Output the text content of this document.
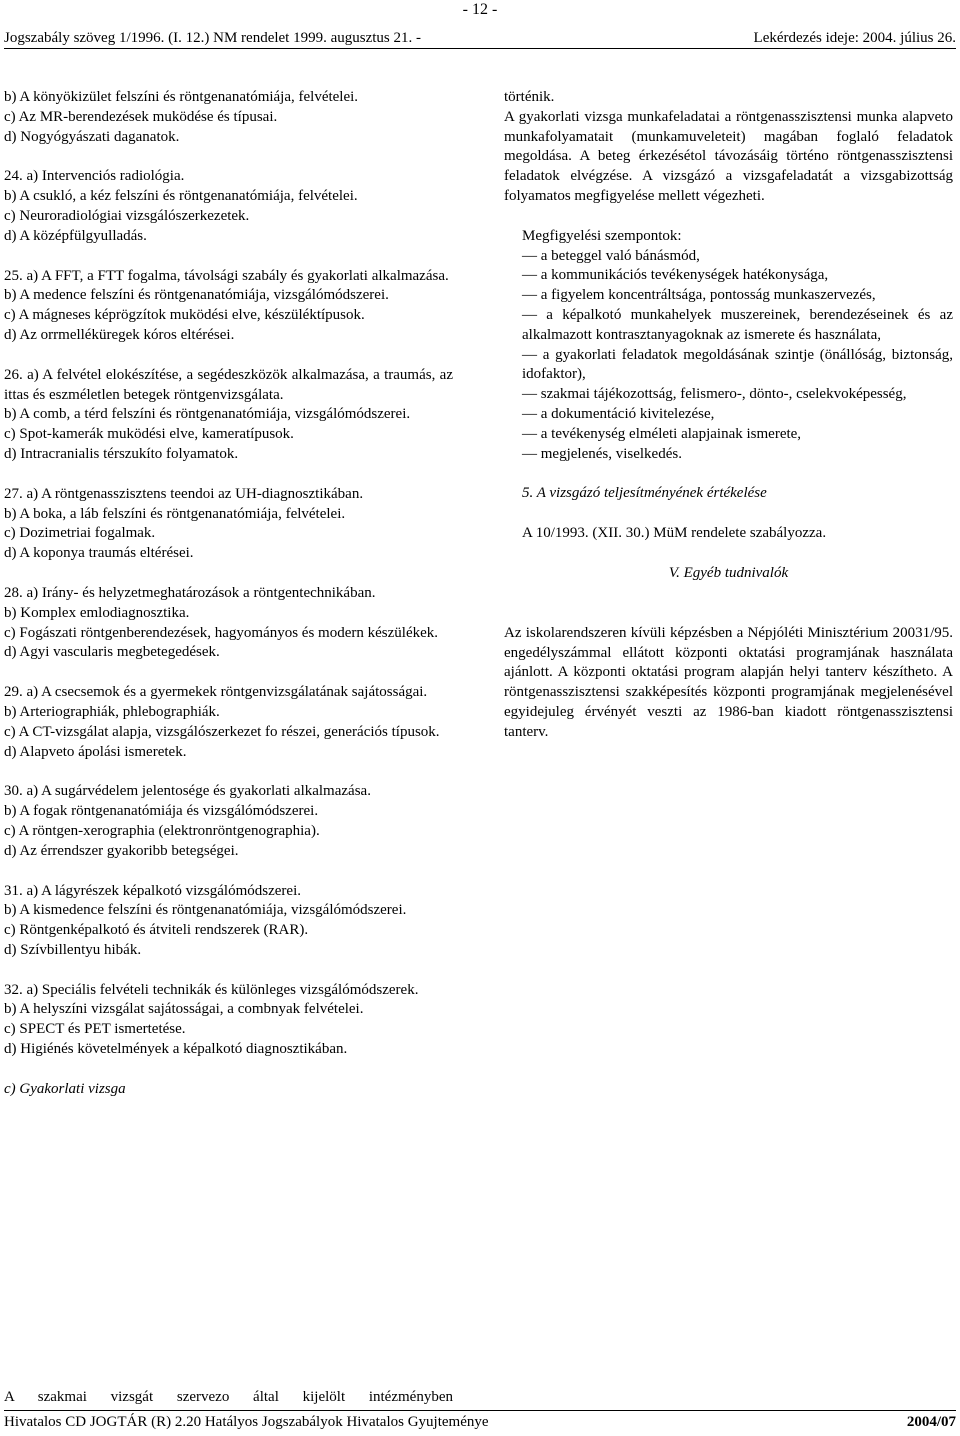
- 12 -
Jogszabály szöveg 1/1996. (I. 12.) NM rendelet 1999. augusztus 21. -	Lekérdezés ideje: 2004. július 26.
b) A könyökizület felszíni és röntgenanatómiája, felvételei.
c) Az MR-berendezések muködése és típusai.
d) Nogyógyászati daganatok.
24. a) Intervenciós radiológia.
b) A csukló, a kéz felszíni és röntgenanatómiája, felvételei.
c) Neuroradiológiai vizsgálószerkezetek.
d) A középfülgyulladás.
25. a) A FFT, a FTT fogalma, távolsági szabály és gyakorlati alkalmazása.
b) A medence felszíni és röntgenanatómiája, vizsgálómódszerei.
c) A mágneses képrögzítok muködési elve, készüléktípusok.
d) Az orrmelléküregek kóros eltérései.
26. a) A felvétel elokészítése, a segédeszközök alkalmazása, a traumás, az ittas és eszméletlen betegek röntgenvizsgálata.
b) A comb, a térd felszíni és röntgenanatómiája, vizsgálómódszerei.
c) Spot-kamerák muködési elve, kameratípusok.
d) Intracranialis térszukíto folyamatok.
27. a) A röntgenasszisztens teendoi az UH-diagnosztikában.
b) A boka, a láb felszíni és röntgenanatómiája, felvételei.
c) Dozimetriai fogalmak.
d) A koponya traumás eltérései.
28. a) Irány- és helyzetmeghatározások a röntgentechnikában.
b) Komplex emlodiagnosztika.
c) Fogászati röntgenberendezések, hagyományos és modern készülékek.
d) Agyi vascularis megbetegedések.
29. a) A csecsemok és a gyermekek röntgenvizsgálatának sajátosságai.
b) Arteriographiák, phlebographiák.
c) A CT-vizsgálat alapja, vizsgálószerkezet fo részei, generációs típusok.
d) Alapveto ápolási ismeretek.
30. a) A sugárvédelem jelentosége és gyakorlati alkalmazása.
b) A fogak röntgenanatómiája és vizsgálómódszerei.
c) A röntgen-xerographia (elektronröntgenographia).
d) Az érrendszer gyakoribb betegségei.
31. a) A lágyrészek képalkotó vizsgálómódszerei.
b) A kismedence felszíni és röntgenanatómiája, vizsgálómódszerei.
c) Röntgenképalkotó és átviteli rendszerek (RAR).
d) Szívbillentyu hibák.
32. a) Speciális felvételi technikák és különleges vizsgálómódszerek.
b) A helyszíni vizsgálat sajátosságai, a combnyak felvételei.
c) SPECT és PET ismertetése.
d) Higiénés követelmények a képalkotó diagnosztikában.
c) Gyakorlati vizsga
történik.
A gyakorlati vizsga munkafeladatai a röntgenasszisztensi munka alapveto munkafolyamatait (munkamuveleteit) magában foglaló feladatok megoldása. A beteg érkezésétol távozásáig történo röntgenasszisztensi feladatok elvégzése. A vizsgázó a vizsgafeladatát a vizsgabizottság folyamatos megfigyelése mellett végezheti.
Megfigyelési szempontok:
— a beteggel való bánásmód,
— a kommunikációs tevékenységek hatékonysága,
— a figyelem koncentráltsága, pontosság munkaszervezés,
— a képalkotó munkahelyek muszereinek, berendezéseinek és az alkalmazott kontrasztanyagoknak az ismerete és használata,
— a gyakorlati feladatok megoldásának szintje (önállóság, biztonság, idofaktor),
— szakmai tájékozottság, felismero-, dönto-, cselekvoképesség,
— a dokumentáció kivitelezése,
— a tevékenység elméleti alapjainak ismerete,
— megjelenés, viselkedés.
5. A vizsgázó teljesítményének értékelése
A 10/1993. (XII. 30.) MüM rendelete szabályozza.
V. Egyéb tudnivalók
Az iskolarendszeren kívüli képzésben a Népjóléti Minisztérium 20031/95. engedélyszámmal ellátott központi oktatási programjának használata ajánlott. A központi oktatási program alapján helyi tanterv készítheto. A röntgenasszisztensi szakképesítés központi programjának megjelenésével egyidejuleg érvényét veszti az 1986-ban kiadott röntgenasszisztensi tanterv.
A szakmai vizsgát szervezo által kijelölt intézményben
Hivatalos CD JOGTÁR (R) 2.20 Hatályos Jogszabályok Hivatalos Gyujteménye	2004/07
